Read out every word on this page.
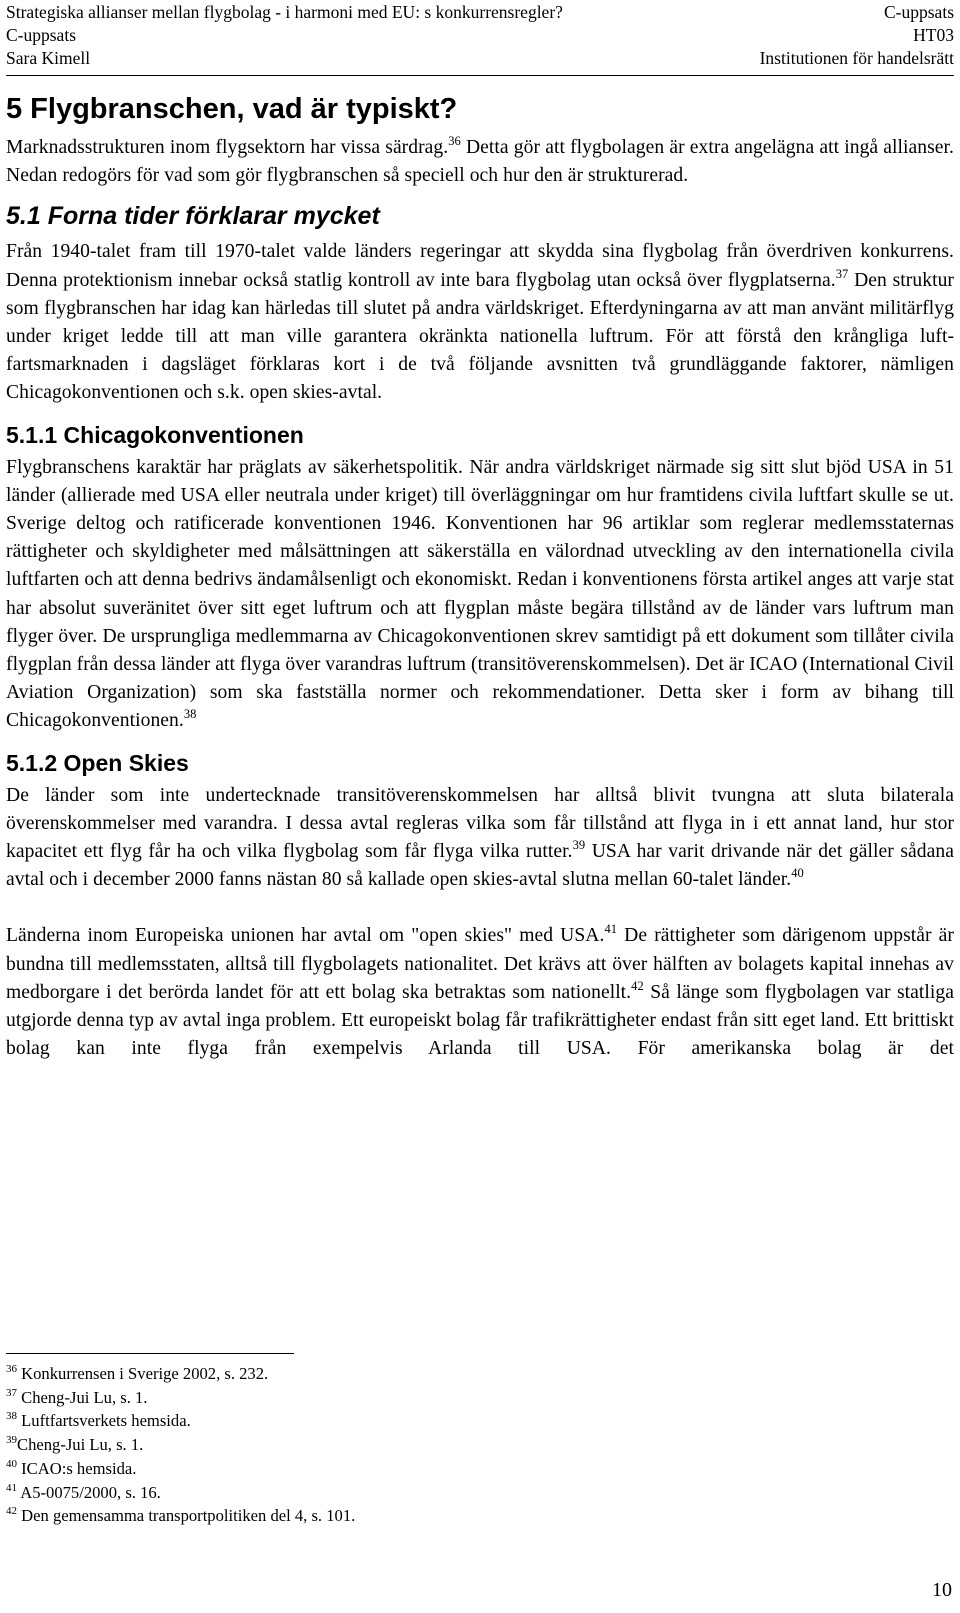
Strategiska allianser mellan flygbolag - i harmoni med EU: s konkurrensregler?	C-uppsats
C-uppsats	HT03
Sara Kimell	Institutionen för handelsrätt
5 Flygbranschen, vad är typiskt?

Marknadsstrukturen inom flygsektorn har vissa särdrag.$^{36}$ Detta gör att flygbolagen är extra angelägna att ingå allianser. Nedan redogörs för vad som gör flygbranschen så speciell och hur den är strukturerad.

5.1 Forna tider förklarar mycket

Från 1940-talet fram till 1970-talet valde länders regeringar att skydda sina flygbolag från överdriven konkurrens. Denna protektionism innebar också statlig kontroll av inte bara flygbolag utan också över flygplatserna.$^{37}$ Den struktur som flygbranschen har idag kan härledas till slutet på andra världskriget. Efterdyningarna av att man använt militärflyg under kriget ledde till att man ville garantera okränkta nationella luftrum. För att förstå den krångliga luftfartsmarknaden i dagsläget förklaras kort i de två följande avsnitten två grundläggande faktorer, nämligen Chicagokonventionen och s.k. open skies-avtal.

5.1.1 Chicagokonventionen

Flygbranschens karaktär har präglats av säkerhetspolitik. När andra världskriget närmade sig sitt slut bjöd USA in 51 länder (allierade med USA eller neutrala under kriget) till överläggningar om hur framtidens civila luftfart skulle se ut. Sverige deltog och ratificerade konventionen 1946. Konventionen har 96 artiklar som reglerar medlemsstaternas rättigheter och skyldigheter med målsättningen att säkerställa en välordnad utveckling av den internationella civila luftfarten och att denna bedrivs ändamålsenligt och ekonomiskt. Redan i konventionens första artikel anges att varje stat har absolut suveränitet över sitt eget luftrum och att flygplan måste begära tillstånd av de länder vars luftrum man flyger över. De ursprungliga medlemmarna av Chicagokonventionen skrev samtidigt på ett dokument som tillåter civila flygplan från dessa länder att flyga över varandras luftrum (transitöverenskommelsen). Det är ICAO (International Civil Aviation Organization) som ska fastställa normer och rekommendationer. Detta sker i form av bihang till Chicagokonventionen.$^{38}$

5.1.2 Open Skies

De länder som inte undertecknade transitöverenskommelsen har alltså blivit tvungna att sluta bilaterala överenskommelser med varandra. I dessa avtal regleras vilka som får tillstånd att flyga in i ett annat land, hur stor kapacitet ett flyg får ha och vilka flygbolag som får flyga vilka rutter.$^{39}$ USA har varit drivande när det gäller sådana avtal och i december 2000 fanns nästan 80 så kallade open skies-avtal slutna mellan 60-talet länder.$^{40}$

Länderna inom Europeiska unionen har avtal om "open skies" med USA.$^{41}$ De rättigheter som därigenom uppstår är bundna till medlemsstaten, alltså till flygbolagets nationalitet. Det krävs att över hälften av bolagets kapital innehas av medborgare i det berörda landet för att ett bolag ska betraktas som nationellt.$^{42}$ Så länge som flygbolagen var statliga utgjorde denna typ av avtal inga problem. Ett europeiskt bolag får trafikrättigheter endast från sitt eget land. Ett brittiskt bolag kan inte flyga från exempelvis Arlanda till USA. För amerikanska bolag är det

$^{36}$ Konkurrensen i Sverige 2002, s. 232.
$^{37}$ Cheng-Jui Lu, s. 1.
$^{38}$ Luftfartsverkets hemsida.
$^{39}$Cheng-Jui Lu, s. 1.
$^{40}$ ICAO:s hemsida.
$^{41}$ A5-0075/2000, s. 16.
$^{42}$ Den gemensamma transportpolitiken del 4, s. 101.
10
